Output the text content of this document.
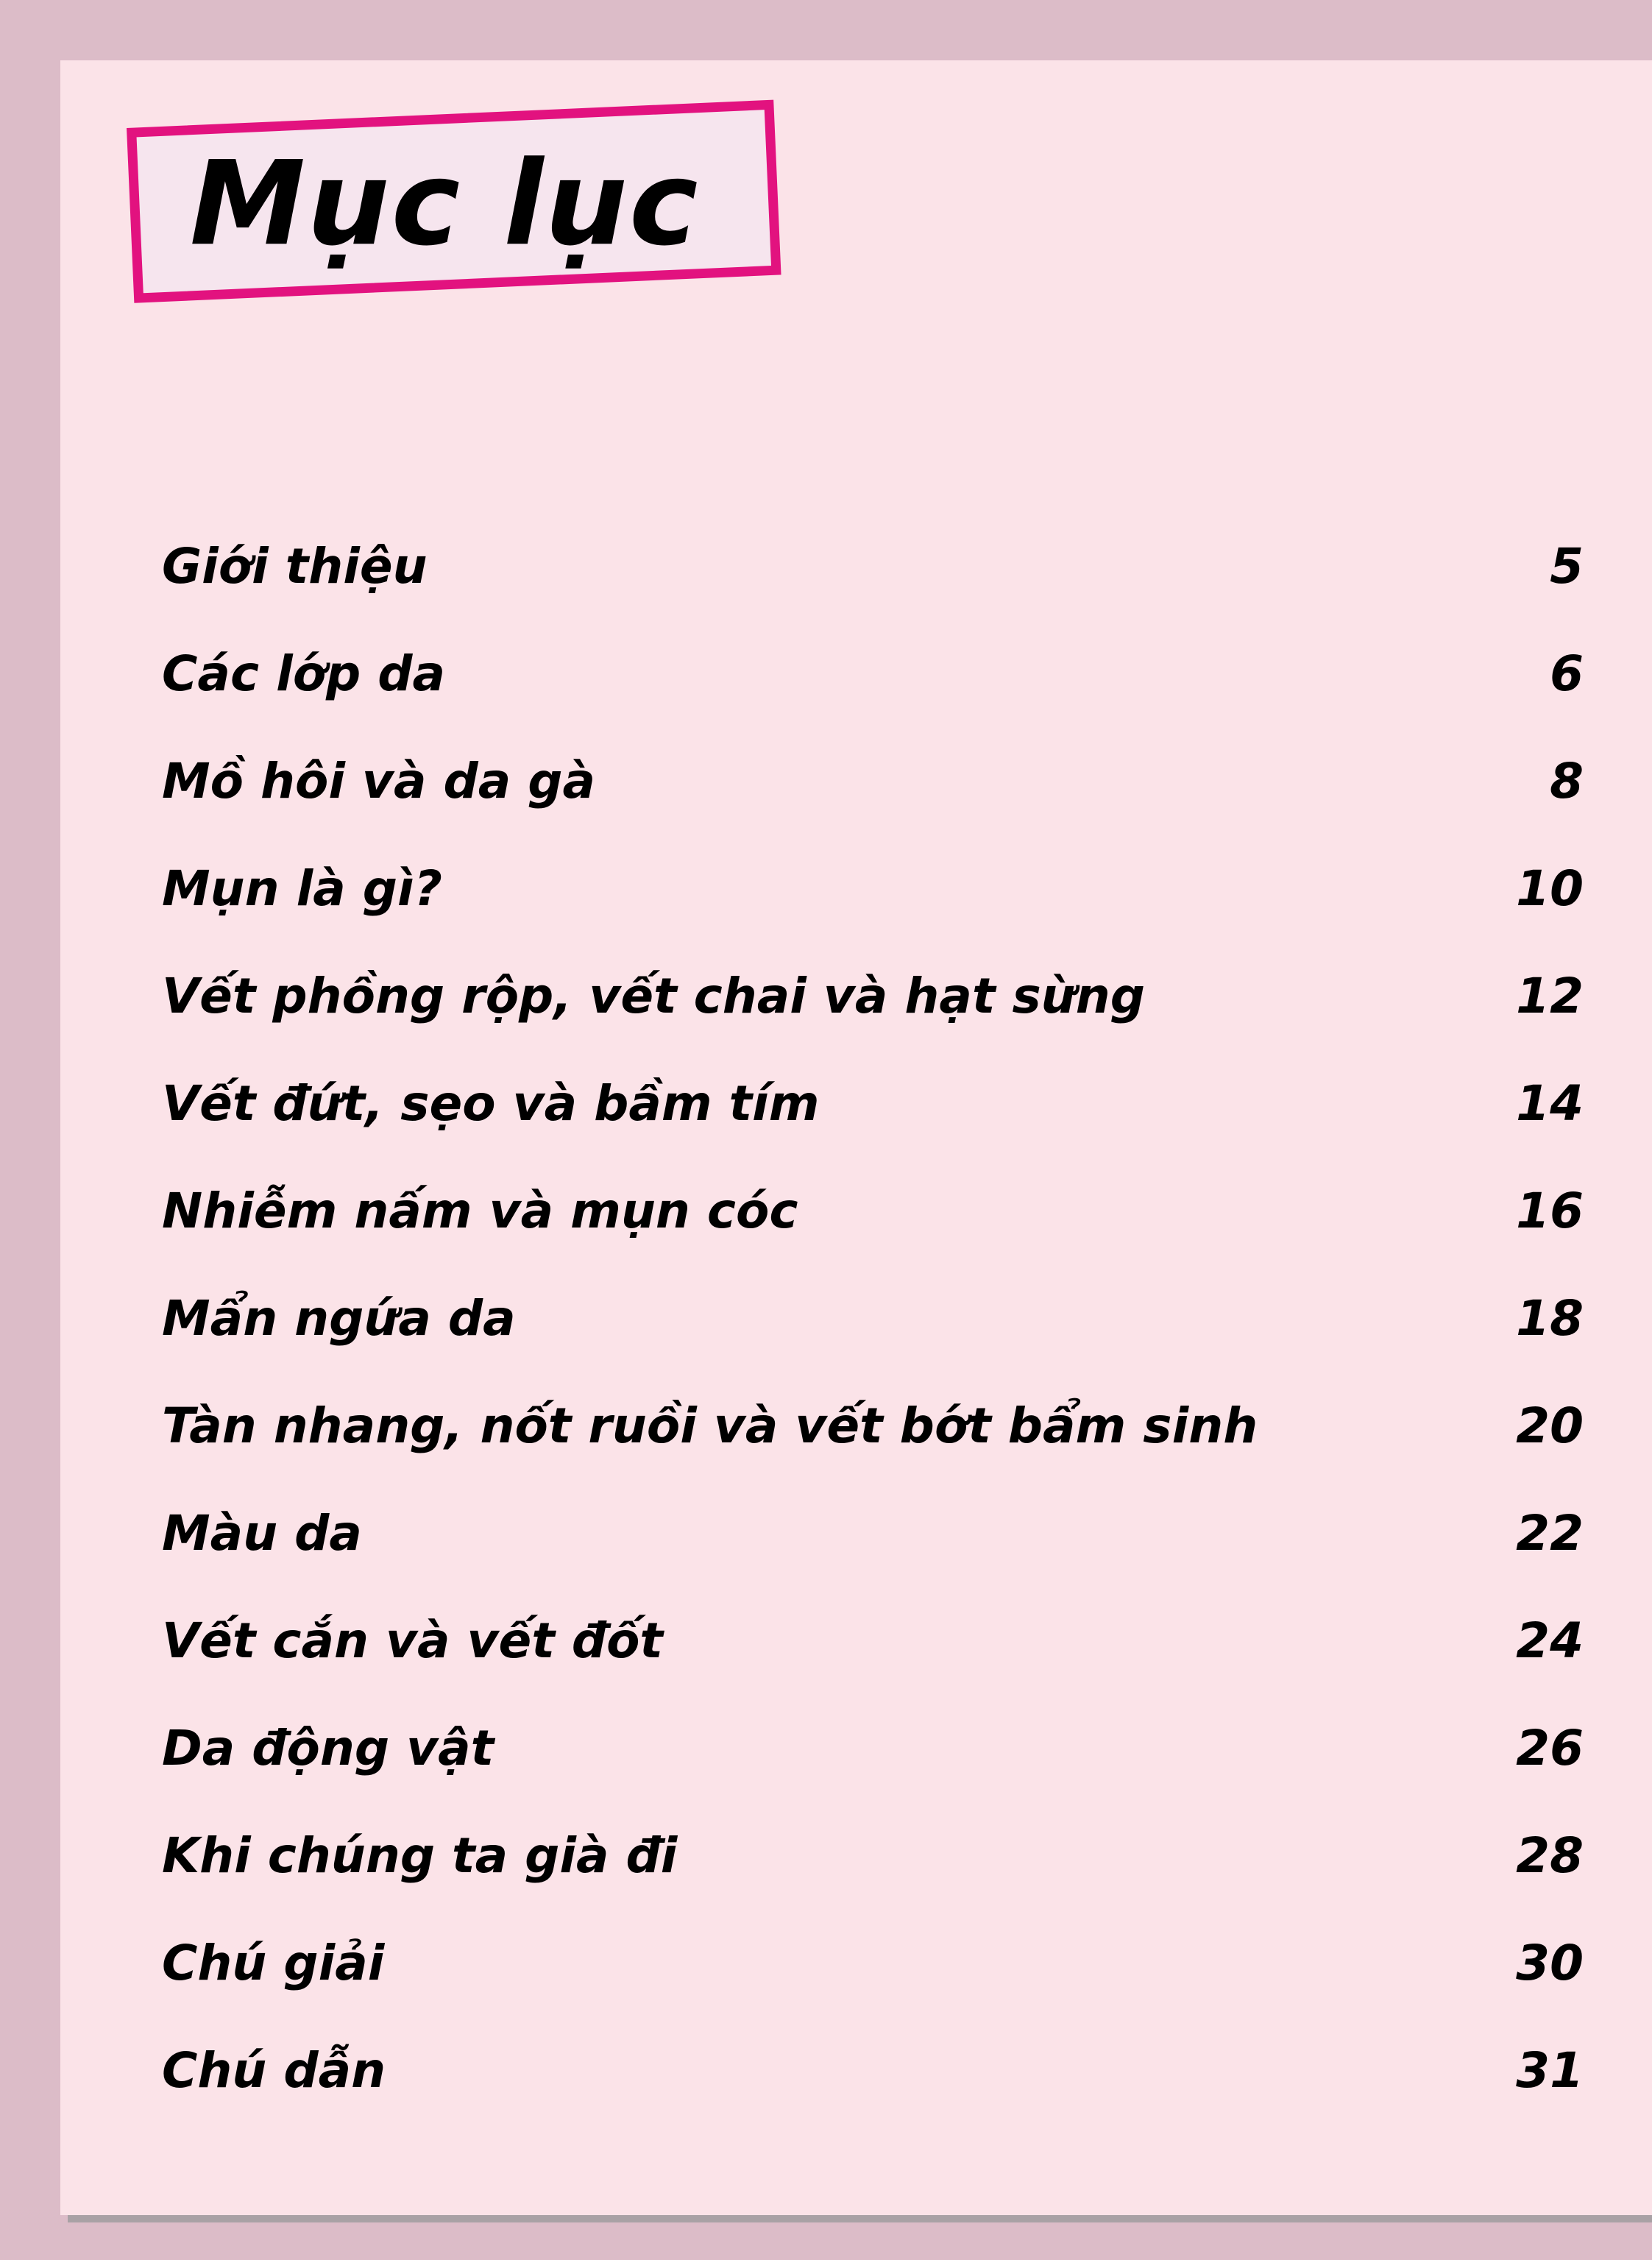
Mục lục
Giới thiệu	5
Các lớp da	6
Mồ hôi và da gà	8
Mụn là gì?	10
Vết phồng rộp, vết chai và hạt sừng	12
Vết đứt, sẹo và bầm tím	14
Nhiễm nấm và mụn cóc	16
Mẩn ngứa da	18
Tàn nhang, nốt ruồi và vết bớt bẩm sinh	20
Màu da	22
Vết cắn và vết đốt	24
Da động vật	26
Khi chúng ta già đi	28
Chú giải	30
Chú dẫn	31
